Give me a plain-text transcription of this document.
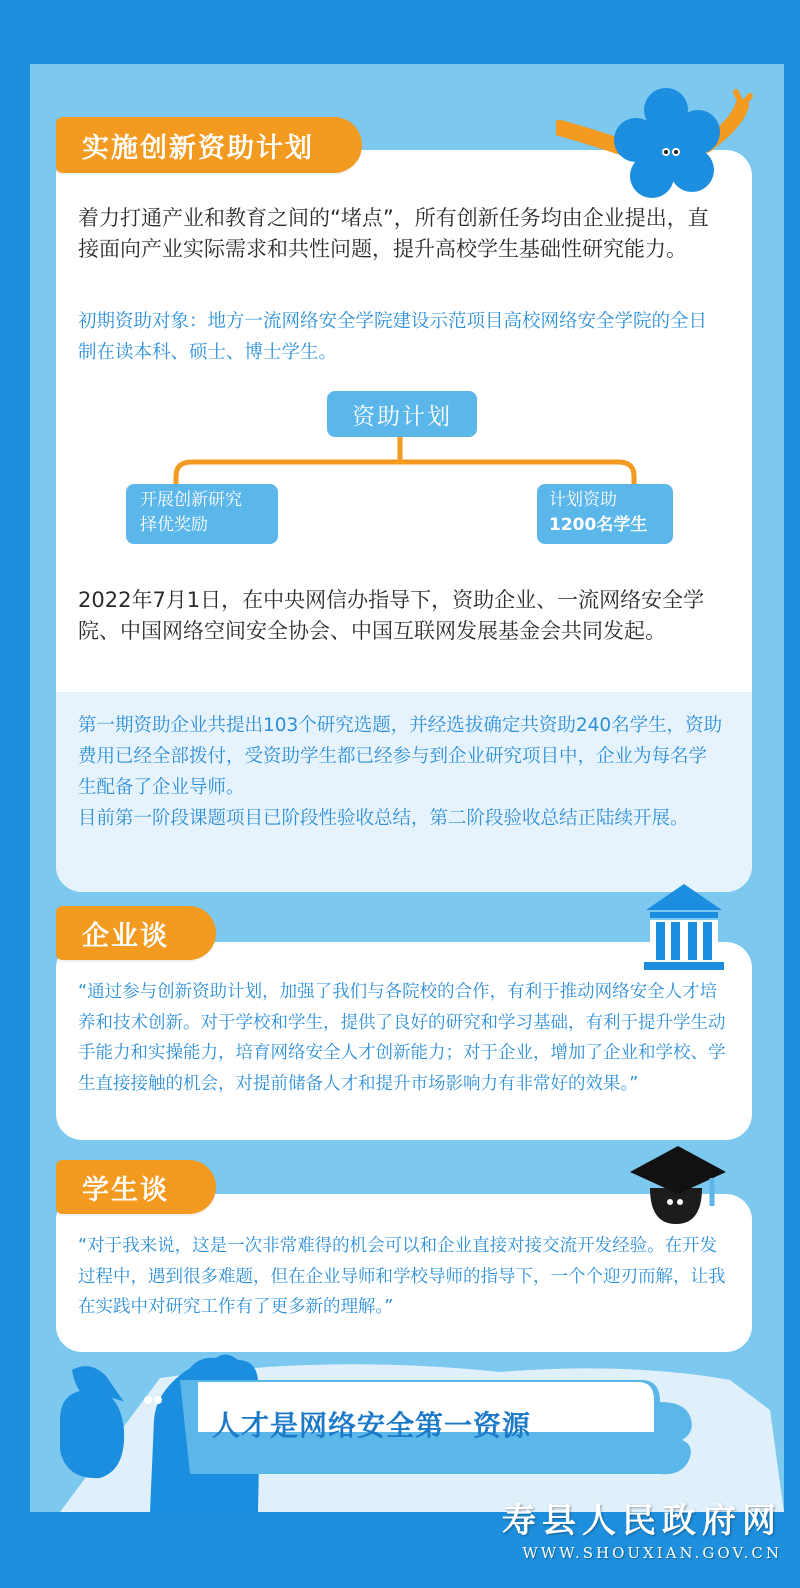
实施创新资助计划

着力打通产业和教育之间的“堵点”，所有创新任务均由企业提出，直接面向产业实际需求和共性问题，提升高校学生基础性研究能力。

初期资助对象：地方一流网络安全学院建设示范项目高校网络安全学院的全日制在读本科、硕士、博士学生。

资助计划
开展创新研究
择优奖励
计划资助
1200名学生

2022年7月1日，在中央网信办指导下，资助企业、一流网络安全学院、中国网络空间安全协会、中国互联网发展基金会共同发起。

第一期资助企业共提出103个研究选题，并经选拔确定共资助240名学生，资助费用已经全部拨付，受资助学生都已经参与到企业研究项目中，企业为每名学生配备了企业导师。

目前第一阶段课题项目已阶段性验收总结，第二阶段验收总结正陆续开展。

企业谈

“通过参与创新资助计划，加强了我们与各院校的合作，有利于推动网络安全人才培养和技术创新。对于学校和学生，提供了良好的研究和学习基础，有利于提升学生动手能力和实操能力，培育网络安全人才创新能力；对于企业，增加了企业和学校、学生直接接触的机会，对提前储备人才和提升市场影响力有非常好的效果。”

学生谈

“对于我来说，这是一次非常难得的机会可以和企业直接对接交流开发经验。在开发过程中，遇到很多难题，但在企业导师和学校导师的指导下，一个个迎刃而解，让我在实践中对研究工作有了更多新的理解。”

人才是网络安全第一资源
寿县人民政府网
WWW.SHOUXIAN.GOV.CN
